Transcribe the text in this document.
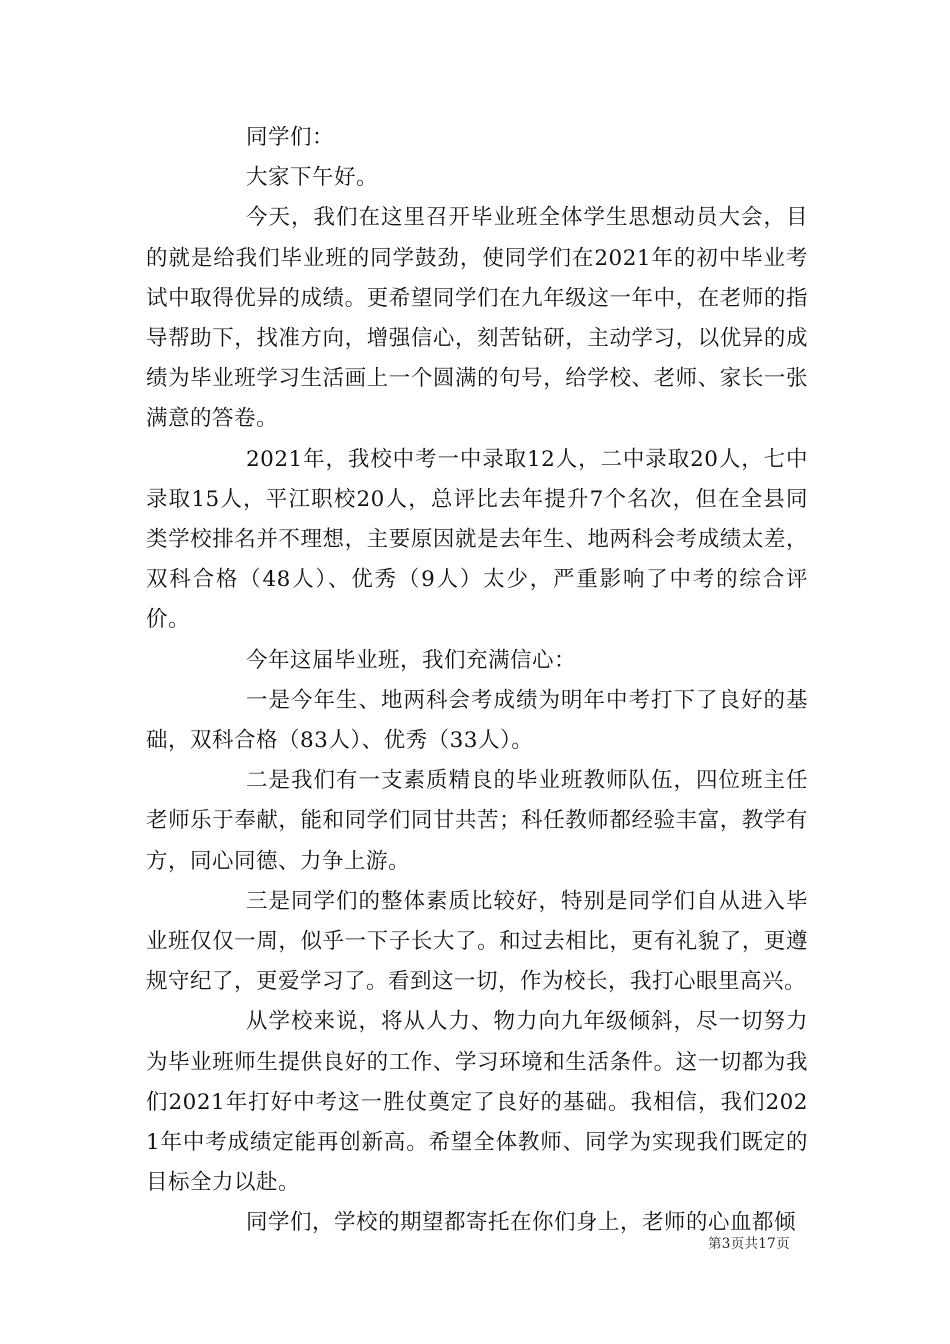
同学们：

大家下午好。

今天，我们在这里召开毕业班全体学生思想动员大会，目的就是给我们毕业班的同学鼓劲，使同学们在2021年的初中毕业考试中取得优异的成绩。更希望同学们在九年级这一年中，在老师的指导帮助下，找准方向，增强信心，刻苦钻研，主动学习，以优异的成绩为毕业班学习生活画上一个圆满的句号，给学校、老师、家长一张满意的答卷。

2021年，我校中考一中录取12人，二中录取20人，七中录取15人，平江职校20人，总评比去年提升7个名次，但在全县同类学校排名并不理想，主要原因就是去年生、地两科会考成绩太差，双科合格（48人）、优秀（9人）太少，严重影响了中考的综合评价。

今年这届毕业班，我们充满信心：

一是今年生、地两科会考成绩为明年中考打下了良好的基础，双科合格（83人）、优秀（33人）。

二是我们有一支素质精良的毕业班教师队伍，四位班主任老师乐于奉献，能和同学们同甘共苦；科任教师都经验丰富，教学有方，同心同德、力争上游。

三是同学们的整体素质比较好，特别是同学们自从进入毕业班仅仅一周，似乎一下子长大了。和过去相比，更有礼貌了，更遵规守纪了，更爱学习了。看到这一切，作为校长，我打心眼里高兴。

从学校来说，将从人力、物力向九年级倾斜，尽一切努力为毕业班师生提供良好的工作、学习环境和生活条件。这一切都为我们2021年打好中考这一胜仗奠定了良好的基础。我相信，我们2021年中考成绩定能再创新高。希望全体教师、同学为实现我们既定的目标全力以赴。

同学们，学校的期望都寄托在你们身上，老师的心血都倾

第3页共17页
